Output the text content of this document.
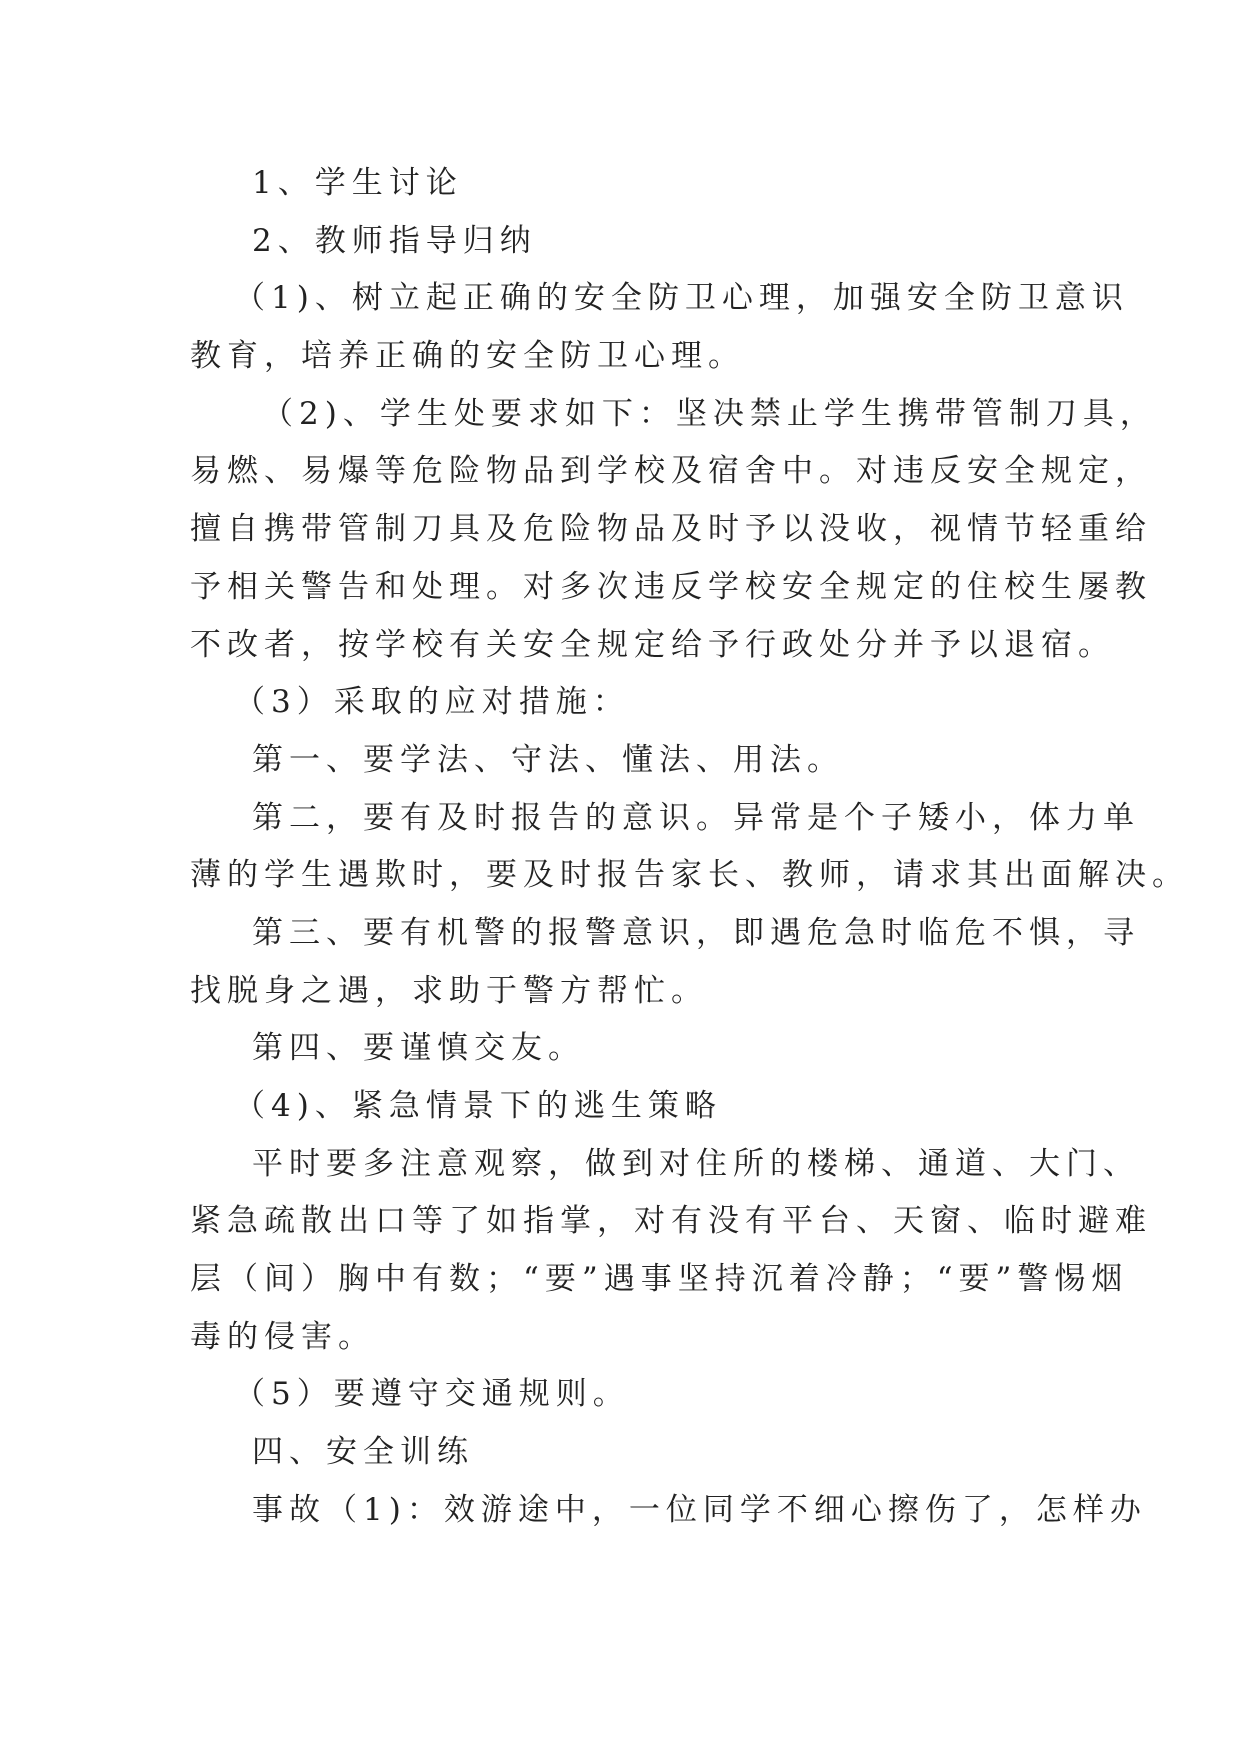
1、学生讨论
2、教师指导归纳
（1)、树立起正确的安全防卫心理，加强安全防卫意识
教育，培养正确的安全防卫心理。
（2)、学生处要求如下：坚决禁止学生携带管制刀具，
易燃、易爆等危险物品到学校及宿舍中。对违反安全规定，
擅自携带管制刀具及危险物品及时予以没收，视情节轻重给
予相关警告和处理。对多次违反学校安全规定的住校生屡教
不改者，按学校有关安全规定给予行政处分并予以退宿。
（3）采取的应对措施：
第一、要学法、守法、懂法、用法。
第二，要有及时报告的意识。异常是个子矮小，体力单
薄的学生遇欺时，要及时报告家长、教师，请求其出面解决。
第三、要有机警的报警意识，即遇危急时临危不惧，寻
找脱身之遇，求助于警方帮忙。
第四、要谨慎交友。
（4)、紧急情景下的逃生策略
平时要多注意观察，做到对住所的楼梯、通道、大门、
紧急疏散出口等了如指掌，对有没有平台、天窗、临时避难
层（间）胸中有数；“要”遇事坚持沉着冷静；“要”警惕烟
毒的侵害。
（5）要遵守交通规则。
四、安全训练
事故（1)：效游途中，一位同学不细心擦伤了，怎样办
